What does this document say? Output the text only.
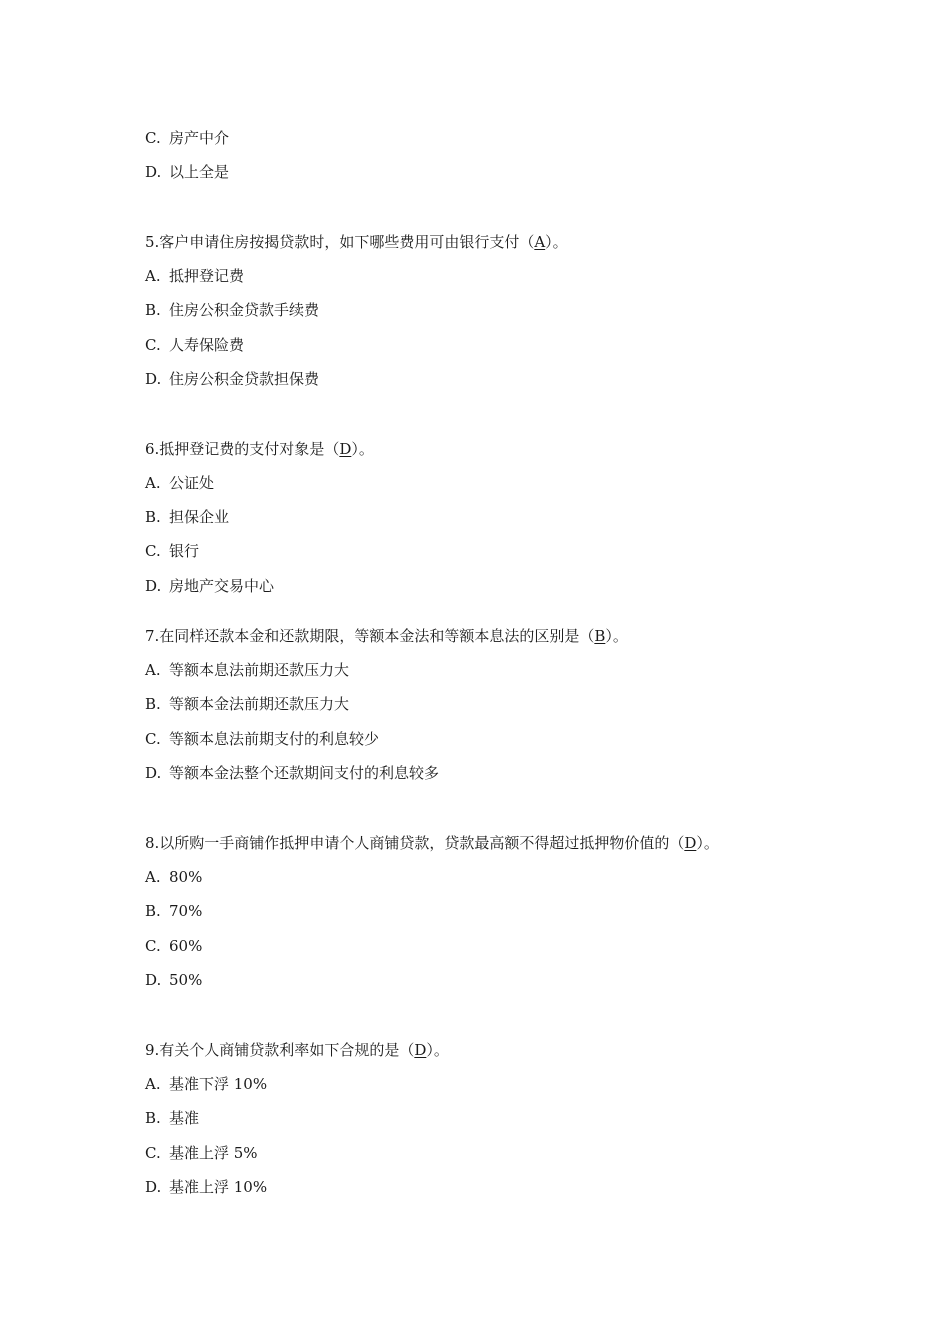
C. 房产中介
D. 以上全是
5.客户申请住房按揭贷款时，如下哪些费用可由银行支付（A）。
A. 抵押登记费
B. 住房公积金贷款手续费
C. 人寿保险费
D. 住房公积金贷款担保费
6.抵押登记费的支付对象是（D）。
A. 公证处
B. 担保企业
C. 银行
D. 房地产交易中心
7.在同样还款本金和还款期限，等额本金法和等额本息法的区别是（B）。
A. 等额本息法前期还款压力大
B. 等额本金法前期还款压力大
C. 等额本息法前期支付的利息较少
D. 等额本金法整个还款期间支付的利息较多
8.以所购一手商铺作抵押申请个人商铺贷款，贷款最高额不得超过抵押物价值的（D）。
A. 80%
B. 70%
C. 60%
D. 50%
9.有关个人商铺贷款利率如下合规的是（D）。
A. 基准下浮 10%
B. 基准
C. 基准上浮 5%
D. 基准上浮 10%
